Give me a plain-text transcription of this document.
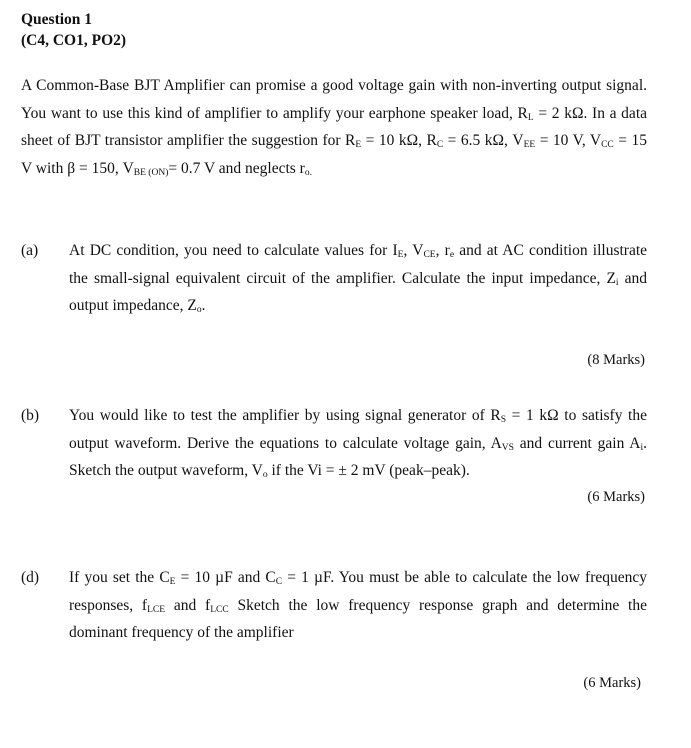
Question 1
(C4, CO1, PO2)
A Common-Base BJT Amplifier can promise a good voltage gain with non-inverting output signal. You want to use this kind of amplifier to amplify your earphone speaker load, $R_L = 2$ kΩ. In a data sheet of BJT transistor amplifier the suggestion for $R_E = 10$ kΩ, $R_C = 6.5$ kΩ, $V_{EE} = 10$ V, $V_{CC} = 15$ V with β = 150, $V_{BE (ON)}= 0.7$ V and neglects $r_{o.}$
(a) At DC condition, you need to calculate values for $I_E$, $V_{CE}$, $r_e$ and at AC condition illustrate the small-signal equivalent circuit of the amplifier. Calculate the input impedance, $Z_i$ and output impedance, $Z_o$.
(8 Marks)
(b) You would like to test the amplifier by using signal generator of $R_S = 1$ kΩ to satisfy the output waveform. Derive the equations to calculate voltage gain, $A_{VS}$ and current gain $A_i$. Sketch the output waveform, $V_o$ if the Vi = ± 2 mV (peak–peak).
(6 Marks)
(d) If you set the $C_E = 10$ µF and $C_C = 1$ µF. You must be able to calculate the low frequency responses, $f_{LCE}$ and $f_{LCC}$ Sketch the low frequency response graph and determine the dominant frequency of the amplifier
(6 Marks)
